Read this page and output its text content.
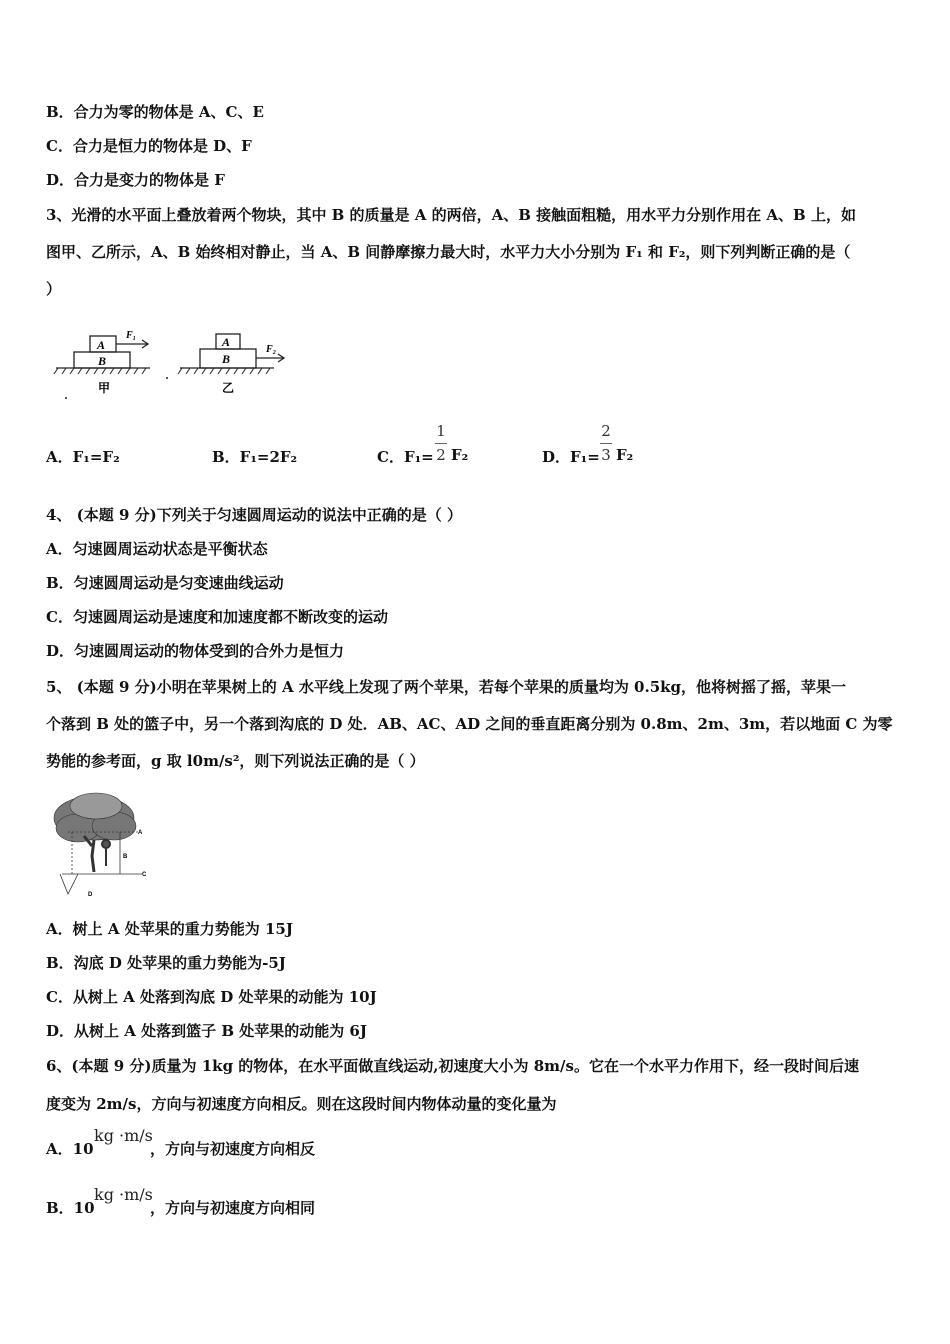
B．合力为零的物体是 A、C、E
C．合力是恒力的物体是 D、F
D．合力是变力的物体是 F
3、光滑的水平面上叠放着两个物块，其中 B 的质量是 A 的两倍，A、B 接触面粗糙，用水平力分别作用在 A、B 上，如
图甲、乙所示，A、B 始终相对静止，当 A、B 间静摩擦力最大时，水平力大小分别为 F₁ 和 F₂，则下列判断正确的是（
）
A
B
F₁
甲
A
B
F₂
乙
A．F₁=F₂	B．F₁=2F₂	C．F₁=
1
2 F₂	D．F₁=
2
3 F₂
4、 (本题 9 分)下列关于匀速圆周运动的说法中正确的是（ ）
A．匀速圆周运动状态是平衡状态
B．匀速圆周运动是匀变速曲线运动
C．匀速圆周运动是速度和加速度都不断改变的运动
D．匀速圆周运动的物体受到的合外力是恒力
5、 (本题 9 分)小明在苹果树上的 A 水平线上发现了两个苹果，若每个苹果的质量均为 0.5kg，他将树摇了摇，苹果一
个落到 B 处的篮子中，另一个落到沟底的 D 处．AB、AC、AD 之间的垂直距离分别为 0.8m、2m、3m，若以地面 C 为零
势能的参考面，g 取 l0m/s²，则下列说法正确的是（ ）
A
B
C
D
A．树上 A 处苹果的重力势能为 15J
B．沟底 D 处苹果的重力势能为-5J
C．从树上 A 处落到沟底 D 处苹果的动能为 10J
D．从树上 A 处落到篮子 B 处苹果的动能为 6J
6、(本题 9 分)质量为 1kg 的物体，在水平面做直线运动,初速度大小为 8m/s。它在一个水平力作用下，经一段时间后速
度变为 2m/s，方向与初速度方向相反。则在这段时间内物体动量的变化量为
A．10
kg ·m/s
，方向与初速度方向相反
B．10
kg ·m/s
，方向与初速度方向相同
